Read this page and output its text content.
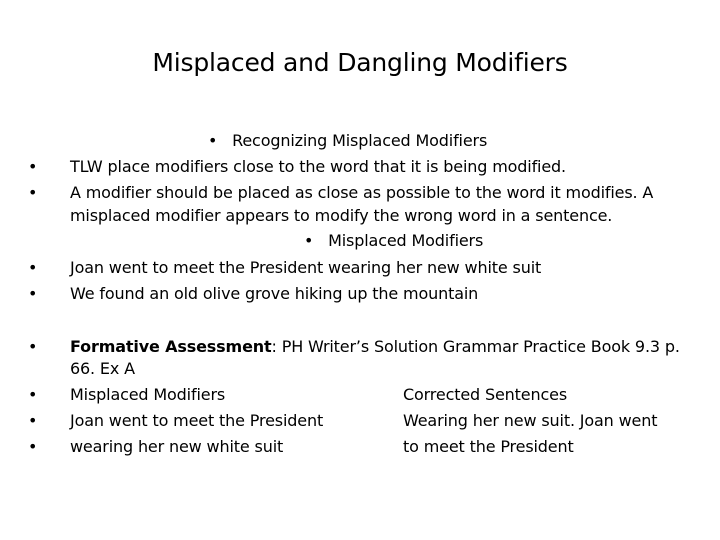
Misplaced and Dangling Modifiers
• Recognizing Misplaced Modifiers
• TLW place modifiers close to the word that it is being modified.
• A modifier should be placed as close as possible to the word it modifies. A
misplaced modifier appears to modify the wrong word in a sentence.
• Misplaced Modifiers
• Joan went to meet the President wearing her new white suit
• We found an old olive grove hiking up the mountain
• Formative Assessment: PH Writer’s Solution Grammar Practice Book 9.3 p.
66. Ex A
• Misplaced Modifiers	Corrected Sentences
• Joan went to meet the President	Wearing her new suit. Joan went
• wearing her new white suit	to meet the President
